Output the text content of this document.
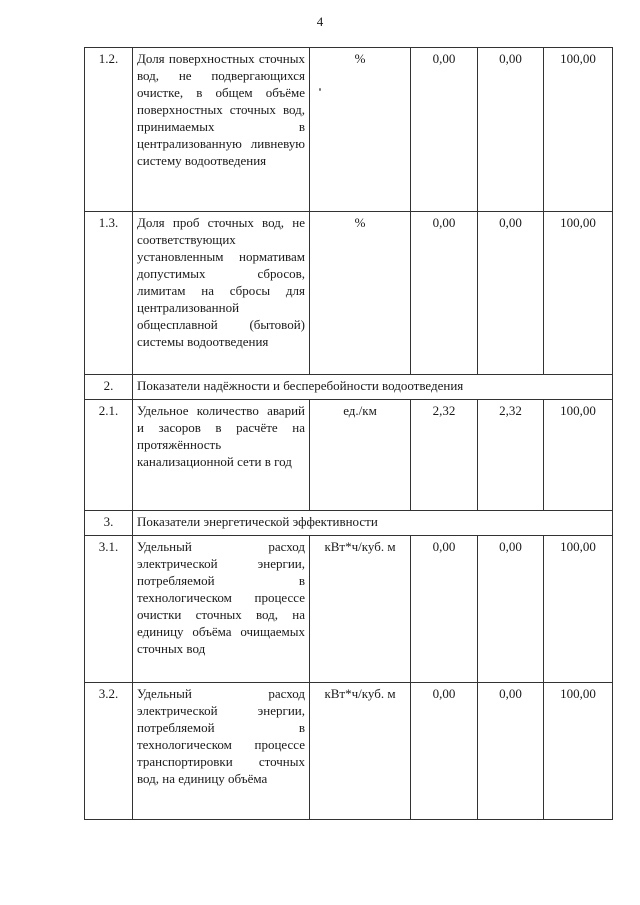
4
1.2.	Доля поверхностных сточных вод, не подвергающихся очистке, в общем объёме поверхностных сточных вод, принимаемых в централизованную ливневую систему водоотведения	%	0,00	0,00	100,00
1.3.	Доля проб сточных вод, не соответствующих установленным нормативам допустимых сбросов, лимитам на сбросы для централизованной общесплавной (бытовой) системы водоотведения	%	0,00	0,00	100,00
2.	Показатели надёжности и бесперебойности водоотведения				
2.1.	Удельное количество аварий и засоров в расчёте на протяжённость канализационной сети в год	ед./км	2,32	2,32	100,00
3.	Показатели энергетической эффективности				
3.1.	Удельный расход электрической энергии, потребляемой в технологическом процессе очистки сточных вод, на единицу объёма очищаемых сточных вод	кВт*ч/куб. м	0,00	0,00	100,00
3.2.	Удельный расход электрической энергии, потребляемой в технологическом процессе транспортировки сточных вод, на единицу объёма	кВт*ч/куб. м	0,00	0,00	100,00
